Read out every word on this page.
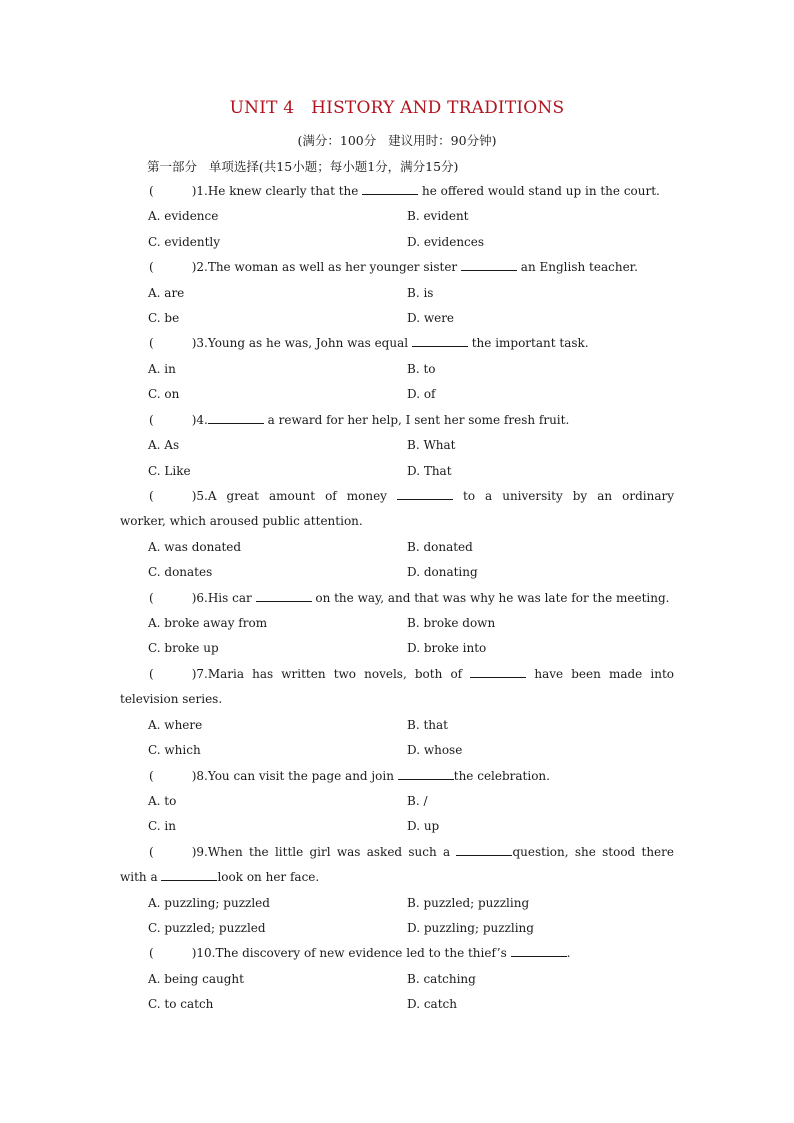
UNIT 4   HISTORY AND TRADITIONS
(满分：100分   建议用时：90分钟)
第一部分   单项选择(共15小题；每小题1分，满分15分)
(	)1.He knew clearly that the	he offered would stand up in the court.
A. evidence	B. evident
C. evidently	D. evidences
(	)2.The woman as well as her younger sister	an English teacher.
A. are	B. is
C. be	D. were
(	)3.Young as he was, John was equal	the important task.
A. in	B. to
C. on	D. of
(	)4.	a reward for her help, I sent her some fresh fruit.
A. As	B. What
C. Like	D. That
(	)5.A great amount of money	to a university by an ordinary
worker, which aroused public attention.
A. was donated	B. donated
C. donates	D. donating
(	)6.His car	on the way, and that was why he was late for the meeting.
A. broke away from	B. broke down
C. broke up	D. broke into
(	)7.Maria has written two novels, both of	have been made into
television series.
A. where	B. that
C. which	D. whose
(	)8.You can visit the page and join	the celebration.
A. to	B. /
C. in	D. up
(	)9.When the little girl was asked such a	question, she stood there
with a	look on her face.
A. puzzling; puzzled	B. puzzled; puzzling
C. puzzled; puzzled	D. puzzling; puzzling
(	)10.The discovery of new evidence led to the thief’s	.
A. being caught	B. catching
C. to catch	D. catch
